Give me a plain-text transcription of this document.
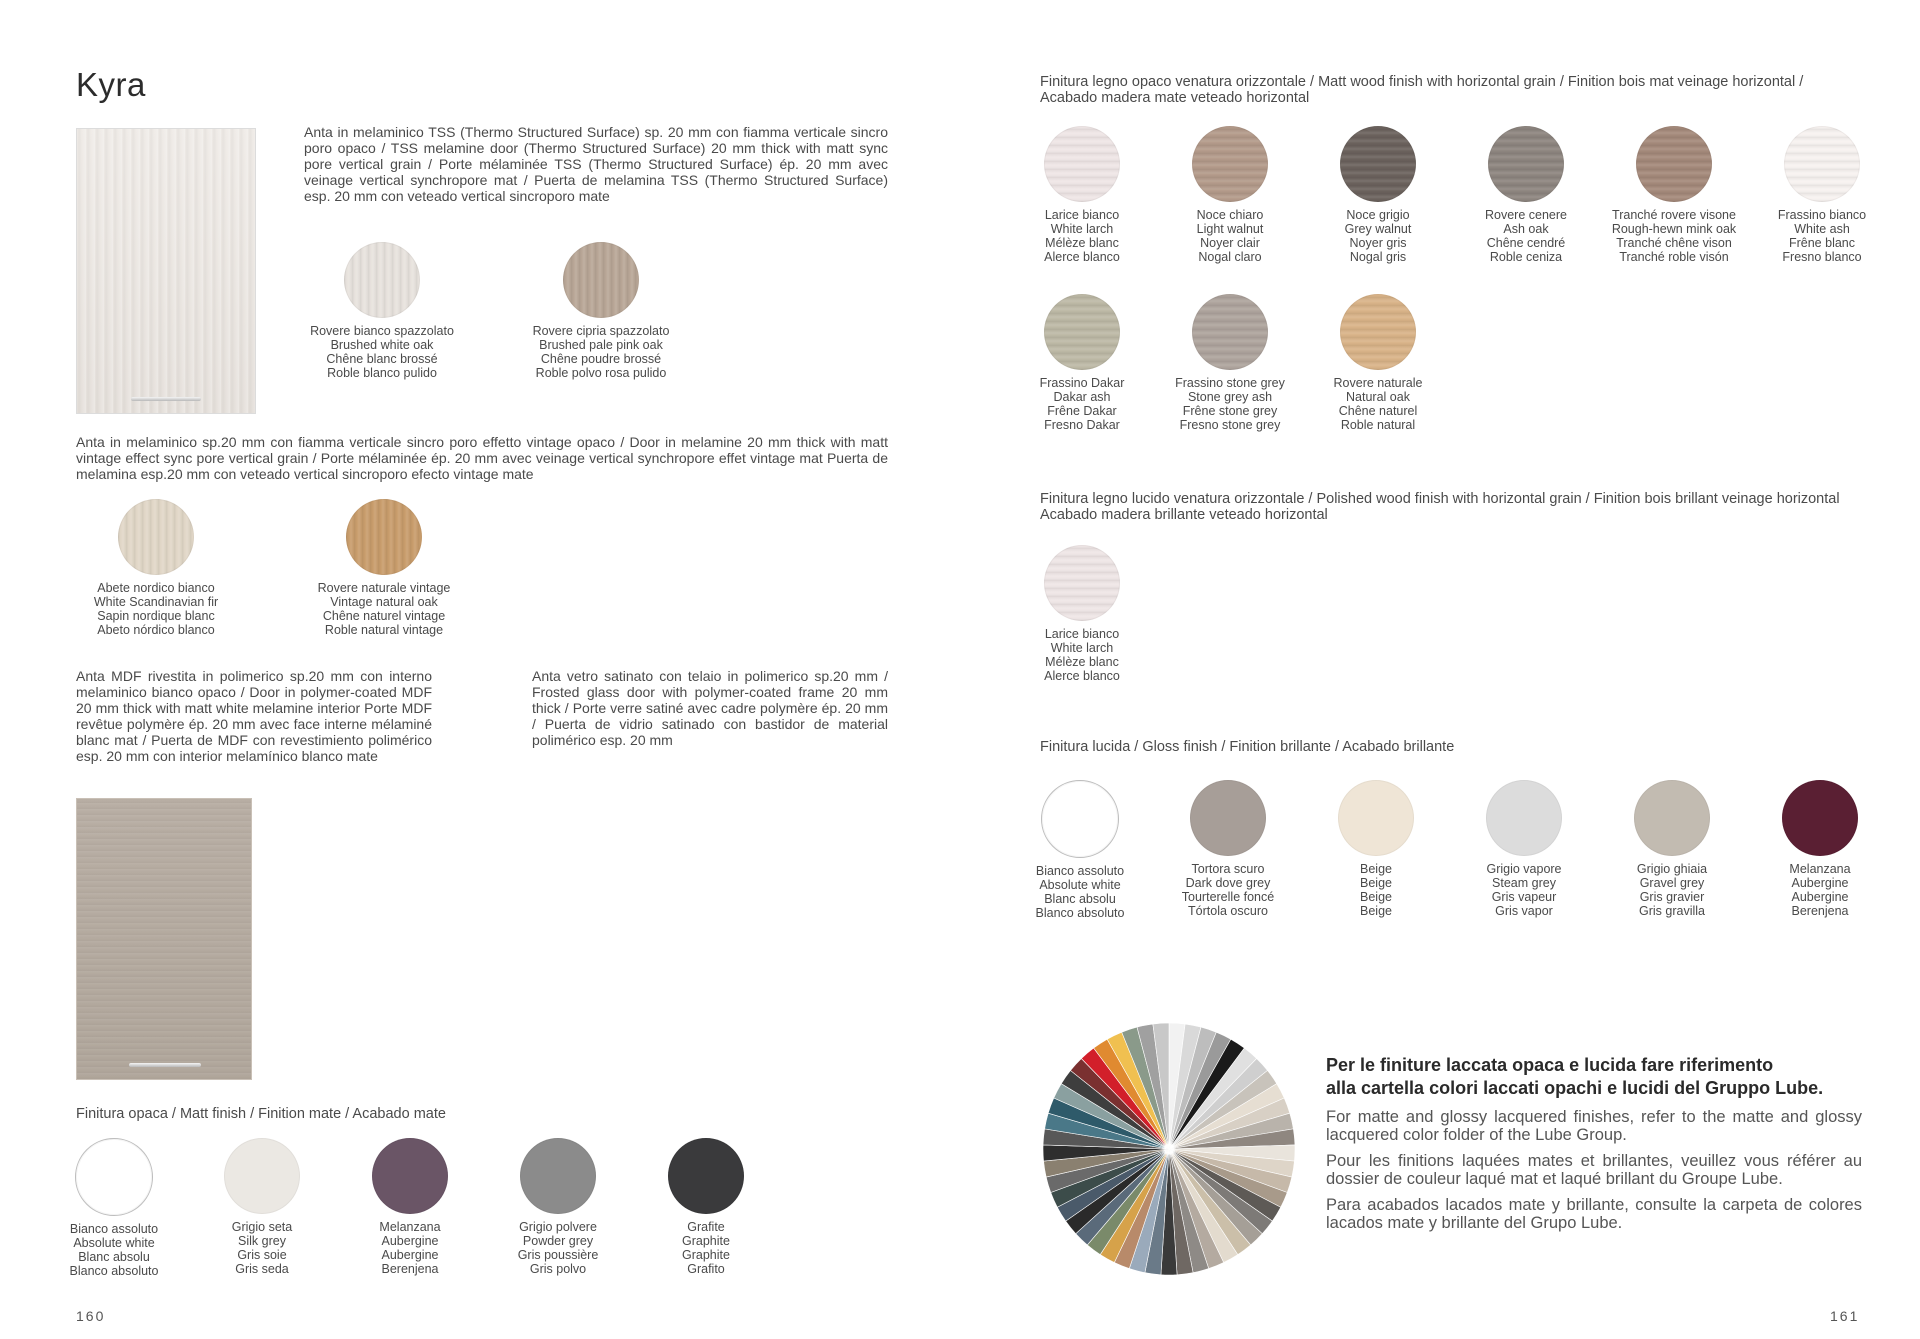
Kyra
Anta in melaminico TSS (Thermo Structured Surface) sp. 20 mm con fiamma verticale sincro poro opaco / TSS melamine door (Thermo Structured Surface) 20 mm thick with matt sync pore vertical grain / Porte mélaminée TSS (Thermo Structured Surface) ép. 20 mm avec veinage vertical synchropore mat / Puerta de melamina TSS (Thermo Structured Surface) esp. 20 mm con veteado vertical sincroporo mate
Rovere bianco spazzolato
Brushed white oak
Chêne blanc brossé
Roble blanco pulido
Rovere cipria spazzolato
Brushed pale pink oak
Chêne poudre brossé
Roble polvo rosa pulido
Anta in melaminico sp.20 mm con fiamma verticale sincro poro effetto vintage opaco / Door in melamine 20 mm thick with matt vintage effect sync pore vertical grain / Porte mélaminée ép. 20 mm avec veinage vertical synchropore effet vintage mat Puerta de melamina esp.20 mm con veteado vertical sincroporo efecto vintage mate
Abete nordico bianco
White Scandinavian fir
Sapin nordique blanc
Abeto nórdico blanco
Rovere naturale vintage
Vintage natural oak
Chêne naturel vintage
Roble natural vintage
Anta MDF rivestita in polimerico sp.20 mm con interno melaminico bianco opaco / Door in polymer-coated MDF 20 mm thick with matt white melamine interior Porte MDF revêtue polymère ép. 20 mm avec face interne mélaminé blanc mat / Puerta de MDF con revestimiento polimérico esp. 20 mm con interior melamínico blanco mate
Anta vetro satinato con telaio in polimerico sp.20 mm / Frosted glass door with polymer-coated frame 20 mm thick / Porte verre satiné avec cadre polymère ép. 20 mm / Puerta de vidrio satinado con bastidor de material polimérico esp. 20 mm
Finitura opaca / Matt finish / Finition mate / Acabado mate
Bianco assoluto
Absolute white
Blanc absolu
Blanco absoluto
Grigio seta
Silk grey
Gris soie
Gris seda
Melanzana
Aubergine
Aubergine
Berenjena
Grigio polvere
Powder grey
Gris poussière
Gris polvo
Grafite
Graphite
Graphite
Grafito
160
Finitura legno opaco venatura orizzontale / Matt wood finish with horizontal grain / Finition bois mat veinage horizontal / Acabado madera mate veteado horizontal
Larice bianco
White larch
Mélèze blanc
Alerce blanco
Noce chiaro
Light walnut
Noyer clair
Nogal claro
Noce grigio
Grey walnut
Noyer gris
Nogal gris
Rovere cenere
Ash oak
Chêne cendré
Roble ceniza
Tranché rovere visone
Rough-hewn mink oak
Tranché chêne vison
Tranché roble visón
Frassino bianco
White ash
Frêne blanc
Fresno blanco
Frassino Dakar
Dakar ash
Frêne Dakar
Fresno Dakar
Frassino stone grey
Stone grey ash
Frêne stone grey
Fresno stone grey
Rovere naturale
Natural oak
Chêne naturel
Roble natural
Finitura legno lucido venatura orizzontale / Polished wood finish with horizontal grain / Finition bois brillant veinage horizontal Acabado madera brillante veteado horizontal
Larice bianco
White larch
Mélèze blanc
Alerce blanco
Finitura lucida / Gloss finish / Finition brillante / Acabado brillante
Bianco assoluto
Absolute white
Blanc absolu
Blanco absoluto
Tortora scuro
Dark dove grey
Tourterelle foncé
Tórtola oscuro
Beige
Beige
Beige
Beige
Grigio vapore
Steam grey
Gris vapeur
Gris vapor
Grigio ghiaia
Gravel grey
Gris gravier
Gris gravilla
Melanzana
Aubergine
Aubergine
Berenjena
Per le finiture laccata opaca e lucida fare riferimento
alla cartella colori laccati opachi e lucidi del Gruppo Lube.
For matte and glossy lacquered finishes, refer to the matte and glossy lacquered color folder of the Lube Group.
Pour les finitions laquées mates et brillantes, veuillez vous référer au dossier de couleur laqué mat et laqué brillant du Groupe Lube.
Para acabados lacados mate y brillante, consulte la carpeta de colores lacados mate y brillante del Grupo Lube.
161
